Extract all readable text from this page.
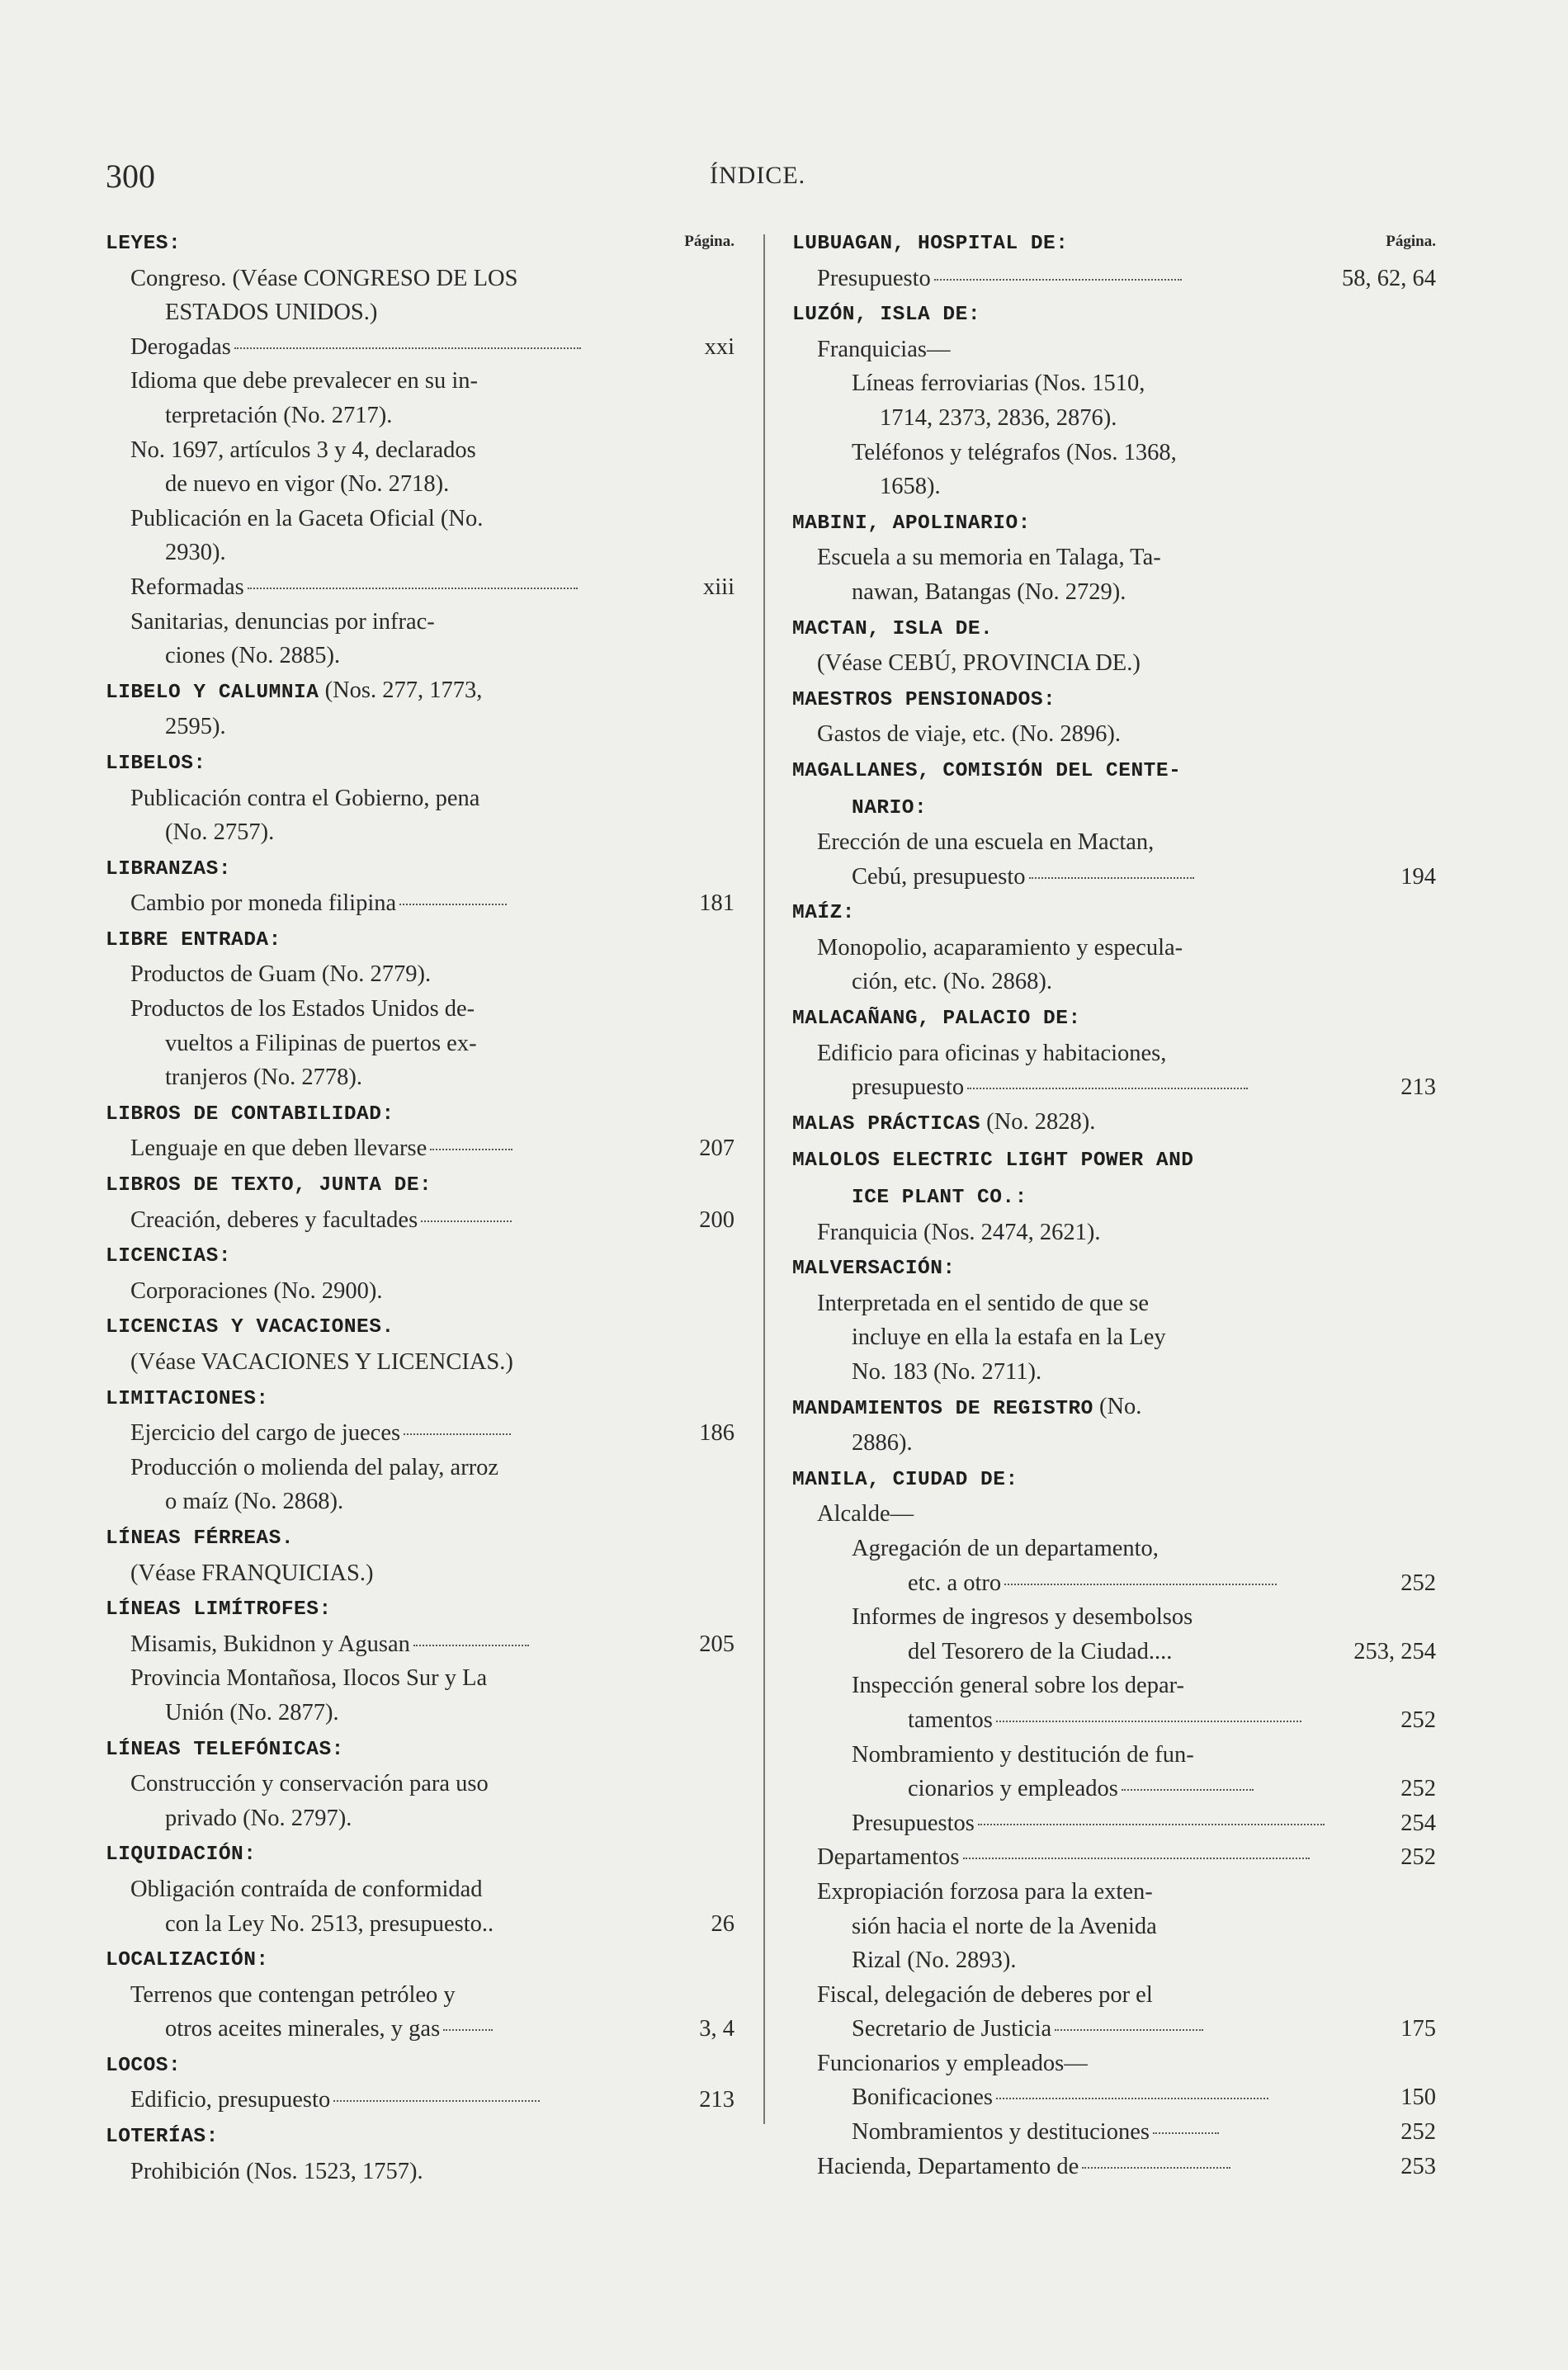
300	ÍNDICE.
Página.
LEYES:
Congreso. (Véase CONGRESO DE LOS
ESTADOS UNIDOS.)
Derogadas	xxi
Idioma que debe prevalecer en su in-
terpretación (No. 2717).
No. 1697, artículos 3 y 4, declarados
de nuevo en vigor (No. 2718).
Publicación en la Gaceta Oficial (No.
2930).
Reformadas	xiii
Sanitarias, denuncias por infrac-
ciones (No. 2885).
LIBELO Y CALUMNIA (Nos. 277, 1773,
2595).
LIBELOS:
Publicación contra el Gobierno, pena
(No. 2757).
LIBRANZAS:
Cambio por moneda filipina	181
LIBRE ENTRADA:
Productos de Guam (No. 2779).
Productos de los Estados Unidos de-
vueltos a Filipinas de puertos ex-
tranjeros (No. 2778).
LIBROS DE CONTABILIDAD:
Lenguaje en que deben llevarse	207
LIBROS DE TEXTO, JUNTA DE:
Creación, deberes y facultades	200
LICENCIAS:
Corporaciones (No. 2900).
LICENCIAS Y VACACIONES.
(Véase VACACIONES Y LICENCIAS.)
LIMITACIONES:
Ejercicio del cargo de jueces	186
Producción o molienda del palay, arroz
o maíz (No. 2868).
LÍNEAS FÉRREAS.
(Véase FRANQUICIAS.)
LÍNEAS LIMÍTROFES:
Misamis, Bukidnon y Agusan	205
Provincia Montañosa, Ilocos Sur y La
Unión (No. 2877).
LÍNEAS TELEFÓNICAS:
Construcción y conservación para uso
privado (No. 2797).
LIQUIDACIÓN:
Obligación contraída de conformidad
con la Ley No. 2513, presupuesto..	26
LOCALIZACIÓN:
Terrenos que contengan petróleo y
otros aceites minerales, y gas	3, 4
LOCOS:
Edificio, presupuesto	213
LOTERÍAS:
Prohibición (Nos. 1523, 1757).
Página.
LUBUAGAN, HOSPITAL DE:
Presupuesto	58, 62, 64
LUZÓN, ISLA DE:
Franquicias—
Líneas ferroviarias (Nos. 1510,
1714, 2373, 2836, 2876).
Teléfonos y telégrafos (Nos. 1368,
1658).
MABINI, APOLINARIO:
Escuela a su memoria en Talaga, Ta-
nawan, Batangas (No. 2729).
MACTAN, ISLA DE.
(Véase CEBÚ, PROVINCIA DE.)
MAESTROS PENSIONADOS:
Gastos de viaje, etc. (No. 2896).
MAGALLANES, COMISIÓN DEL CENTE-
NARIO:
Erección de una escuela en Mactan,
Cebú, presupuesto	194
MAÍZ:
Monopolio, acaparamiento y especula-
ción, etc. (No. 2868).
MALACAÑANG, PALACIO DE:
Edificio para oficinas y habitaciones,
presupuesto	213
MALAS PRÁCTICAS (No. 2828).
MALOLOS ELECTRIC LIGHT POWER AND
ICE PLANT CO.:
Franquicia (Nos. 2474, 2621).
MALVERSACIÓN:
Interpretada en el sentido de que se
incluye en ella la estafa en la Ley
No. 183 (No. 2711).
MANDAMIENTOS DE REGISTRO (No.
2886).
MANILA, CIUDAD DE:
Alcalde—
Agregación de un departamento,
etc. a otro	252
Informes de ingresos y desembolsos
del Tesorero de la Ciudad....	253, 254
Inspección general sobre los depar-
tamentos	252
Nombramiento y destitución de fun-
cionarios y empleados	252
Presupuestos	254
Departamentos	252
Expropiación forzosa para la exten-
sión hacia el norte de la Avenida
Rizal (No. 2893).
Fiscal, delegación de deberes por el
Secretario de Justicia	175
Funcionarios y empleados—
Bonificaciones	150
Nombramientos y destituciones	252
Hacienda, Departamento de	253
